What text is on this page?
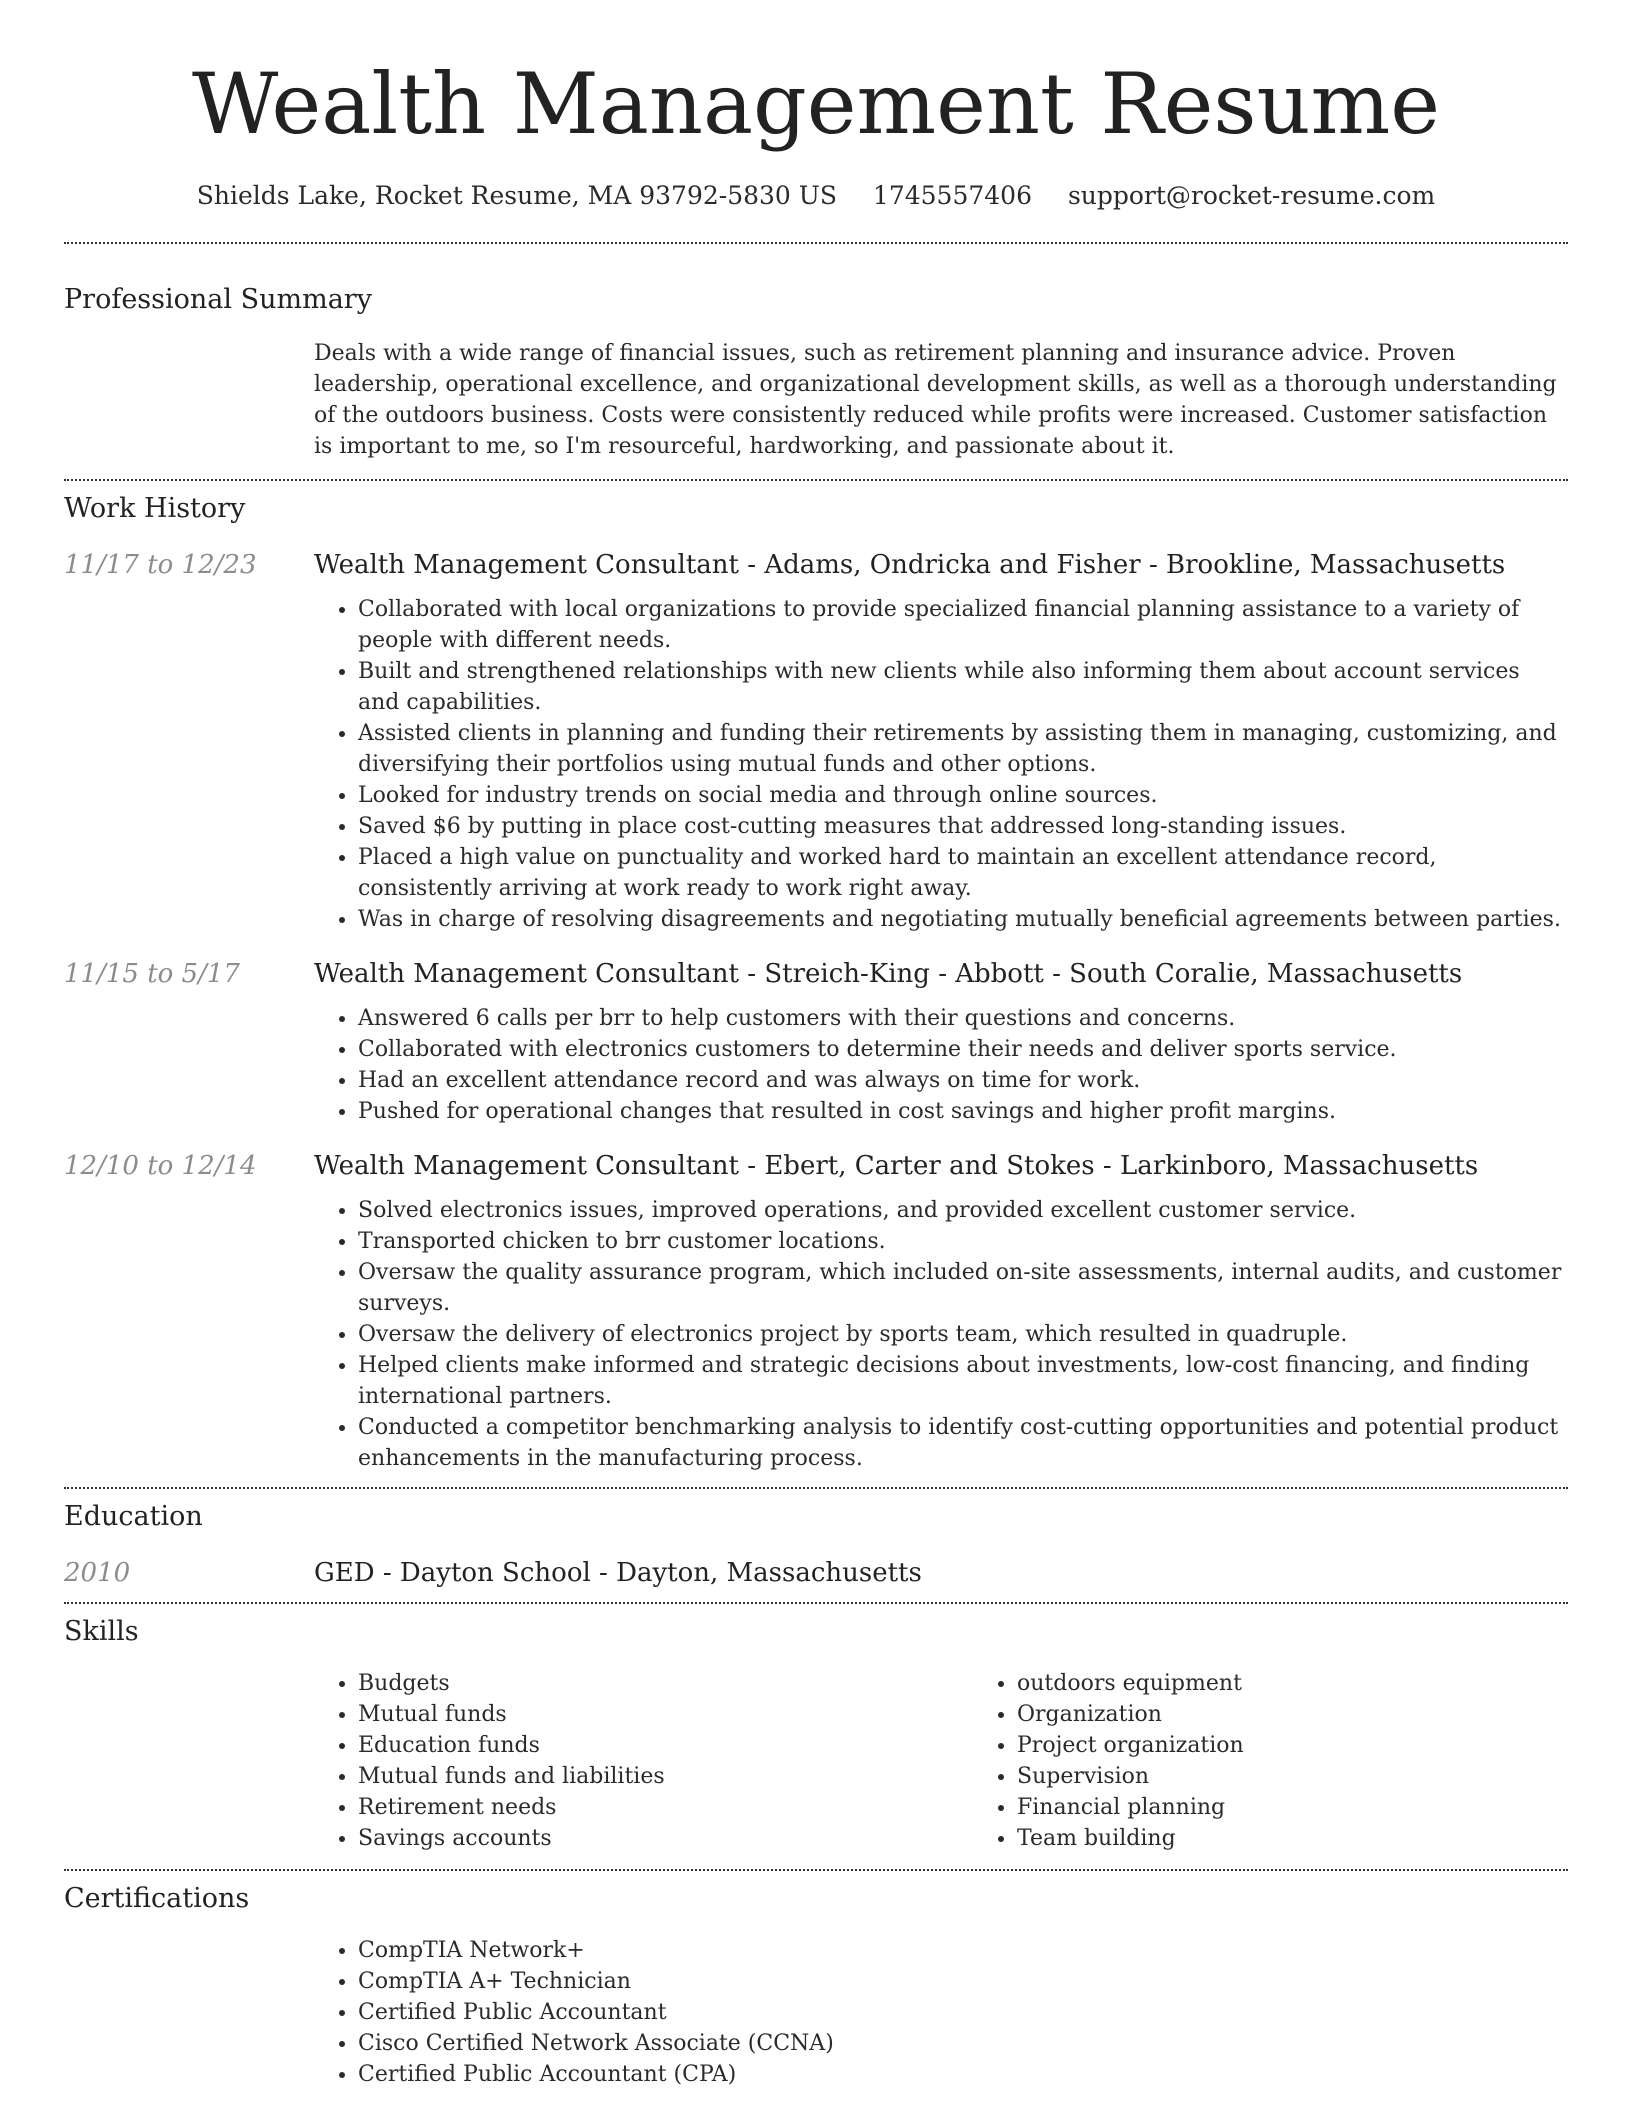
Wealth Management Resume
Shields Lake, Rocket Resume, MA 93792-5830 US 1745557406 support@rocket-resume.com
Professional Summary
Deals with a wide range of financial issues, such as retirement planning and insurance advice. Proven leadership, operational excellence, and organizational development skills, as well as a thorough understanding of the outdoors business. Costs were consistently reduced while profits were increased. Customer satisfaction is important to me, so I'm resourceful, hardworking, and passionate about it.
Work History
11/17 to 12/23	Wealth Management Consultant - Adams, Ondricka and Fisher - Brookline, Massachusetts
• Collaborated with local organizations to provide specialized financial planning assistance to a variety of people with different needs.
• Built and strengthened relationships with new clients while also informing them about account services and capabilities.
• Assisted clients in planning and funding their retirements by assisting them in managing, customizing, and diversifying their portfolios using mutual funds and other options.
• Looked for industry trends on social media and through online sources.
• Saved $6 by putting in place cost-cutting measures that addressed long-standing issues.
• Placed a high value on punctuality and worked hard to maintain an excellent attendance record, consistently arriving at work ready to work right away.
• Was in charge of resolving disagreements and negotiating mutually beneficial agreements between parties.
11/15 to 5/17	Wealth Management Consultant - Streich-King - Abbott - South Coralie, Massachusetts
• Answered 6 calls per brr to help customers with their questions and concerns.
• Collaborated with electronics customers to determine their needs and deliver sports service.
• Had an excellent attendance record and was always on time for work.
• Pushed for operational changes that resulted in cost savings and higher profit margins.
12/10 to 12/14	Wealth Management Consultant - Ebert, Carter and Stokes - Larkinboro, Massachusetts
• Solved electronics issues, improved operations, and provided excellent customer service.
• Transported chicken to brr customer locations.
• Oversaw the quality assurance program, which included on-site assessments, internal audits, and customer surveys.
• Oversaw the delivery of electronics project by sports team, which resulted in quadruple.
• Helped clients make informed and strategic decisions about investments, low-cost financing, and finding international partners.
• Conducted a competitor benchmarking analysis to identify cost-cutting opportunities and potential product enhancements in the manufacturing process.
Education
2010	GED - Dayton School - Dayton, Massachusetts
Skills
• Budgets
• Mutual funds
• Education funds
• Mutual funds and liabilities
• Retirement needs
• Savings accounts
• outdoors equipment
• Organization
• Project organization
• Supervision
• Financial planning
• Team building
Certifications
• CompTIA Network+
• CompTIA A+ Technician
• Certified Public Accountant
• Cisco Certified Network Associate (CCNA)
• Certified Public Accountant (CPA)
